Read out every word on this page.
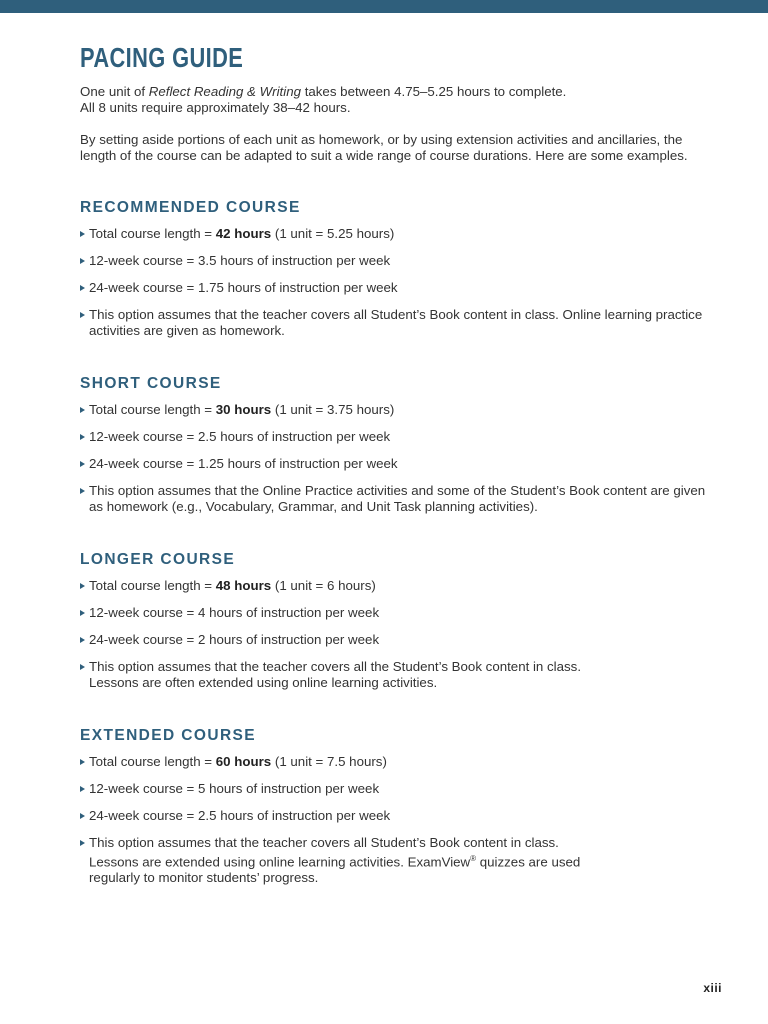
PACING GUIDE

One unit of Reflect Reading & Writing takes between 4.75–5.25 hours to complete.
All 8 units require approximately 38–42 hours.

By setting aside portions of each unit as homework, or by using extension activities and ancillaries, the length of the course can be adapted to suit a wide range of course durations. Here are some examples.

RECOMMENDED COURSE
Total course length = 42 hours (1 unit = 5.25 hours)
12-week course = 3.5 hours of instruction per week
24-week course = 1.75 hours of instruction per week
This option assumes that the teacher covers all Student’s Book content in class. Online learning practice activities are given as homework.
SHORT COURSE
Total course length = 30 hours (1 unit = 3.75 hours)
12-week course = 2.5 hours of instruction per week
24-week course = 1.25 hours of instruction per week
This option assumes that the Online Practice activities and some of the Student’s Book content are given as homework (e.g., Vocabulary, Grammar, and Unit Task planning activities).
LONGER COURSE
Total course length = 48 hours (1 unit = 6 hours)
12-week course = 4 hours of instruction per week
24-week course = 2 hours of instruction per week
This option assumes that the teacher covers all the Student’s Book content in class.
Lessons are often extended using online learning activities.
EXTENDED COURSE
Total course length = 60 hours (1 unit = 7.5 hours)
12-week course = 5 hours of instruction per week
24-week course = 2.5 hours of instruction per week
This option assumes that the teacher covers all Student’s Book content in class.
Lessons are extended using online learning activities. ExamView® quizzes are used
regularly to monitor students’ progress.
xiii
